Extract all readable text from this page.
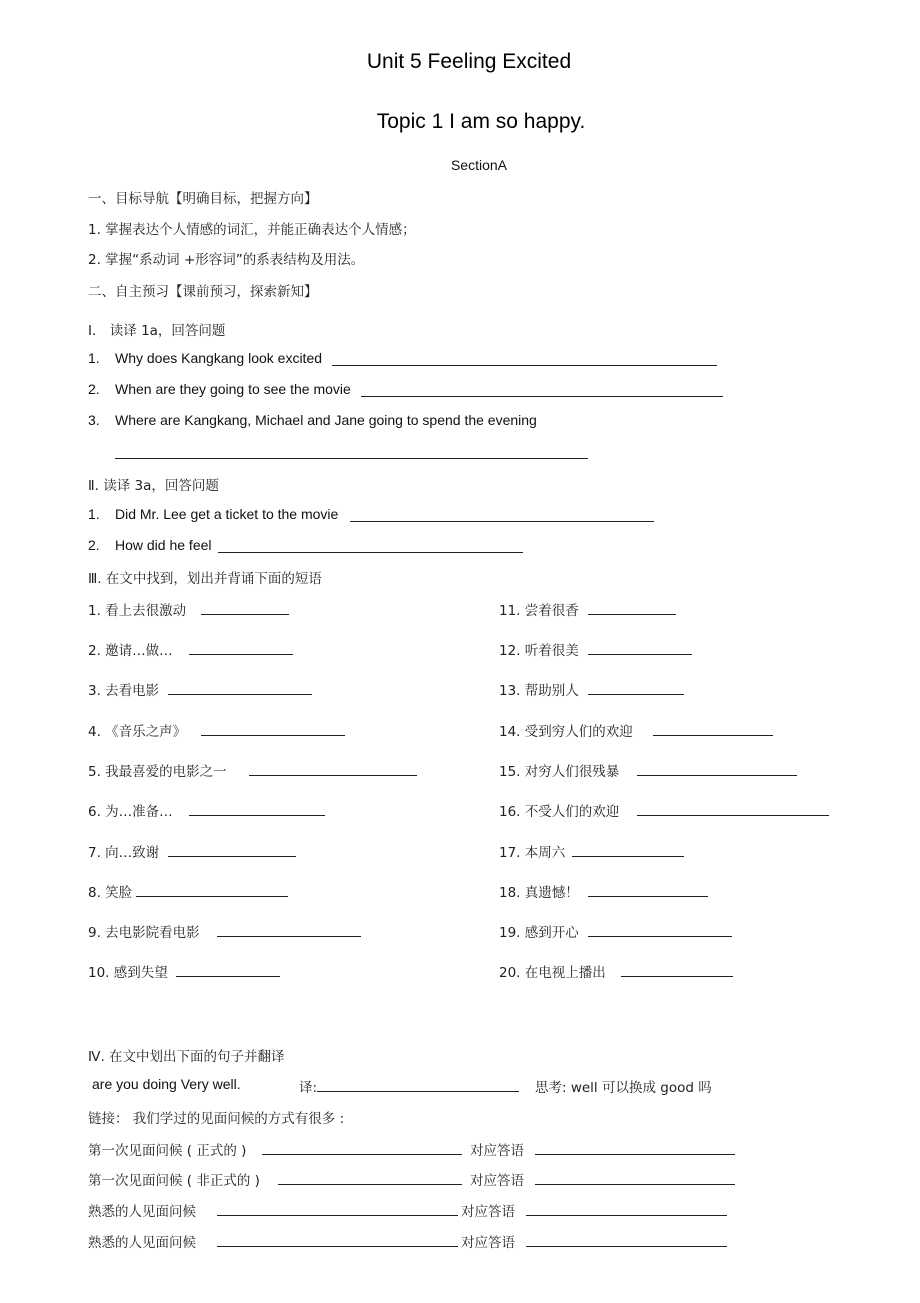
Unit 5 Feeling Excited
Topic 1 I am so happy.
SectionA
一、目标导航【明确目标，把握方向】
1. 掌握表达个人情感的词汇，并能正确表达个人情感；
2. 掌握“系动词 +形容词”的系表结构及用法。
二、自主预习【课前预习，探索新知】
Ⅰ． 读译 1a，回答问题
1. Why does Kangkang look excited
2. When are they going to see the movie
3. Where are Kangkang, Michael and Jane going to spend the evening
Ⅱ. 读译 3a，回答问题
1. Did Mr. Lee get a ticket to the movie
2. How did he feel
Ⅲ. 在文中找到，划出并背诵下面的短语
1. 看上去很激动
2. 邀请…做…
3. 去看电影
4. 《音乐之声》
5. 我最喜爱的电影之一
6. 为…准备…
7. 向…致谢
8. 笑脸
9. 去电影院看电影
10. 感到失望
11. 尝着很香
12. 听着很美
13. 帮助别人
14. 受到穷人们的欢迎
15. 对穷人们很残暴
16. 不受人们的欢迎
17. 本周六
18. 真遗憾！
19. 感到开心
20. 在电视上播出
Ⅳ. 在文中划出下面的句子并翻译
are you doing Very well.	译:	思考: well 可以换成 good 吗
链接： 我们学过的见面问候的方式有很多 :
第一次见面问候 ( 正式的 )	对应答语
第一次见面问候 ( 非正式的 )	对应答语
熟悉的人见面问候	对应答语
熟悉的人见面问候	对应答语
